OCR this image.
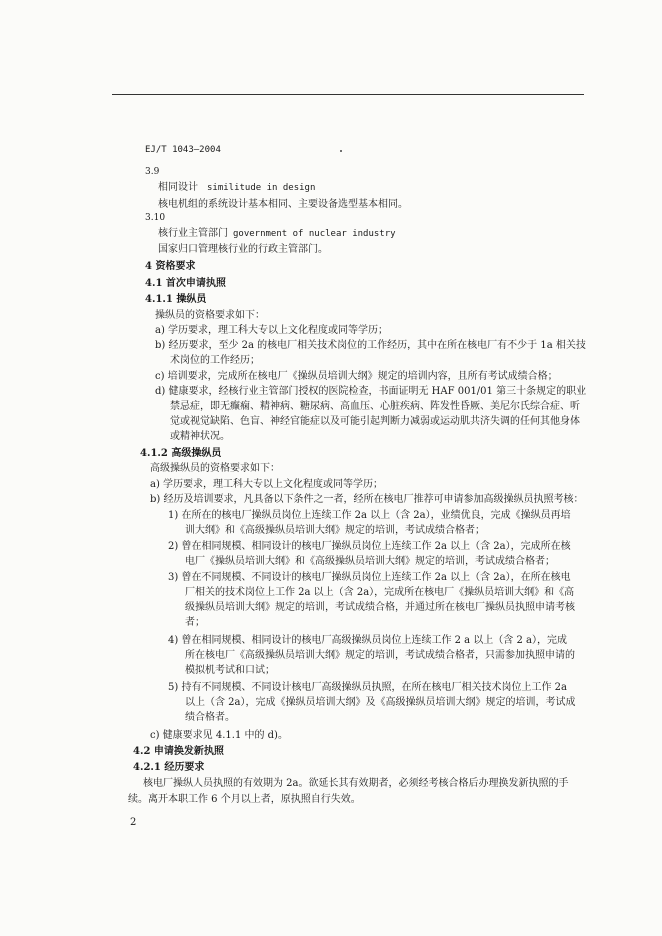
EJ/T 1043—2004
3.9
相同设计 similitude in design
核电机组的系统设计基本相同、主要设备选型基本相同。
3.10
核行业主管部门 government of nuclear industry
国家归口管理核行业的行政主管部门。
4 资格要求
4.1 首次申请执照
4.1.1 操纵员
操纵员的资格要求如下：
a) 学历要求，理工科大专以上文化程度或同等学历；
b) 经历要求，至少 2a 的核电厂相关技术岗位的工作经历，其中在所在核电厂有不少于 1a 相关技
术岗位的工作经历；
c) 培训要求，完成所在核电厂《操纵员培训大纲》规定的培训内容，且所有考试成绩合格；
d) 健康要求，经核行业主管部门授权的医院检查，书面证明无 HAF 001/01 第三十条规定的职业
禁忌症，即无癫痫、精神病、糖尿病、高血压、心脏疾病、阵发性昏厥、美尼尔氏综合症、听
觉或视觉缺陷、色盲、神经官能症以及可能引起判断力减弱或运动肌共济失调的任何其他身体
或精神状况。
4.1.2 高级操纵员
高级操纵员的资格要求如下：
a) 学历要求，理工科大专以上文化程度或同等学历；
b) 经历及培训要求，凡具备以下条件之一者，经所在核电厂推荐可申请参加高级操纵员执照考核：
1) 在所在的核电厂操纵员岗位上连续工作 2a 以上（含 2a），业绩优良，完成《操纵员再培
训大纲》和《高级操纵员培训大纲》规定的培训，考试成绩合格者；
2) 曾在相同规模、相同设计的核电厂操纵员岗位上连续工作 2a 以上（含 2a），完成所在核
电厂《操纵员培训大纲》和《高级操纵员培训大纲》规定的培训，考试成绩合格者；
3) 曾在不同规模、不同设计的核电厂操纵员岗位上连续工作 2a 以上（含 2a），在所在核电
厂相关的技术岗位上工作 2a 以上（含 2a），完成所在核电厂《操纵员培训大纲》和《高
级操纵员培训大纲》规定的培训，考试成绩合格，并通过所在核电厂操纵员执照申请考核
者；
4) 曾在相同规模、相同设计的核电厂高级操纵员岗位上连续工作 2 a 以上（含 2 a），完成
所在核电厂《高级操纵员培训大纲》规定的培训，考试成绩合格者，只需参加执照申请的
模拟机考试和口试；
5) 持有不同规模、不同设计核电厂高级操纵员执照，在所在核电厂相关技术岗位上工作 2a
以上（含 2a），完成《操纵员培训大纲》及《高级操纵员培训大纲》规定的培训，考试成
绩合格者。
c) 健康要求见 4.1.1 中的 d)。
4.2 申请换发新执照
4.2.1 经历要求
核电厂操纵人员执照的有效期为 2a。欲延长其有效期者，必须经考核合格后办理换发新执照的手
续。离开本职工作 6 个月以上者，原执照自行失效。
2
